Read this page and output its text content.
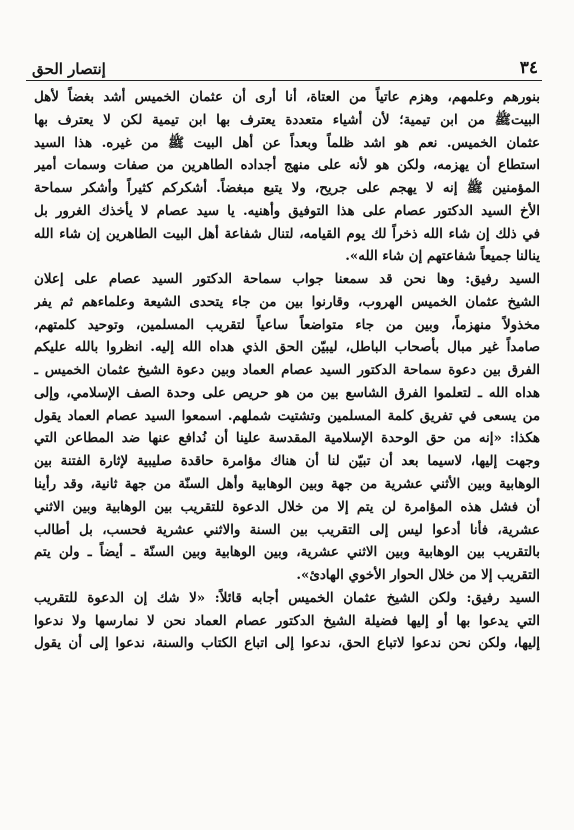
٣٤
إنتصار الحق
بنورهم وعلمهم، وهزم عاتياً من العتاة، أنا أرى أن عثمان الخميس أشد بغضاً لأهل
البيتﷺ من ابن تيمية؛ لأن أشياء متعددة يعترف بها ابن تيمية لكن لا يعترف بها
عثمان الخميس. نعم هو اشد ظلماً وبعداً عن أهل البيت ﷺ من غيره. هذا السيد
استطاع أن يهزمه، ولكن هو لأنه على منهج أجداده الطاهرين من صفات وسمات أمير
المؤمنين ﷺ إنه لا يهجم على جريح، ولا يتبع مبغضاً. أشكركم كثيراً وأشكر سماحة
الأخ السيد الدكتور عصام على هذا التوفيق وأهنيه. يا سيد عصام لا يأخذك الغرور بل
في ذلك إن شاء الله ذخراً لك يوم القيامه، لتنال شفاعة أهل البيت الطاهرين إن شاء الله
ينالنا جميعاً شفاعتهم إن شاء الله».
السيد رفيق: وها نحن قد سمعنا جواب سماحة الدكتور السيد عصام على إعلان
الشيخ عثمان الخميس الهروب، وقارنوا بين من جاء يتحدى الشيعة وعلماءهم ثم يفر
مخذولاً منهزماً، وبين من جاء متواضعاً ساعياً لتقريب المسلمين، وتوحيد كلمتهم،
صامداً غير مبال بأصحاب الباطل، ليبيّن الحق الذي هداه الله إليه. انظروا بالله عليكم
الفرق بين دعوة سماحة الدكتور السيد عصام العماد وبين دعوة الشيخ عثمان الخميس ـ
هداه الله ـ لتعلموا الفرق الشاسع بين من هو حريص على وحدة الصف الإسلامي، وإلى
من يسعى في تفريق كلمة المسلمين وتشتيت شملهم. اسمعوا السيد عصام العماد يقول
هكذا: «إنه من حق الوحدة الإسلامية المقدسة علينا أن نُدافع عنها ضد المطاعن التي
وجهت إليها، لاسيما بعد أن تبيّن لنا أن هناك مؤامرة حاقدة صليبية لإثارة الفتنة بين
الوهابية وبين الأثني عشرية من جهة وبين الوهابية وأهل السنّة من جهة ثانية، وقد رأينا
أن فشل هذه المؤامرة لن يتم إلا من خلال الدعوة للتقريب بين الوهابية وبين الاثني
عشرية، فأنا أدعوا ليس إلى التقريب بين السنة والاثني عشرية فحسب، بل أطالب
بالتقريب بين الوهابية وبين الاثني عشرية، وبين الوهابية وبين السنّة ـ أيضاً ـ ولن يتم
التقريب إلا من خلال الحوار الأخوي الهادئ».
السيد رفيق: ولكن الشيخ عثمان الخميس أجابه قائلاً: «لا شك إن الدعوة للتقريب
التي يدعوا بها أو إليها فضيلة الشيخ الدكتور عصام العماد نحن لا نمارسها ولا ندعوا
إليها، ولكن نحن ندعوا لاتباع الحق، ندعوا إلى اتباع الكتاب والسنة، ندعوا إلى أن يقول
